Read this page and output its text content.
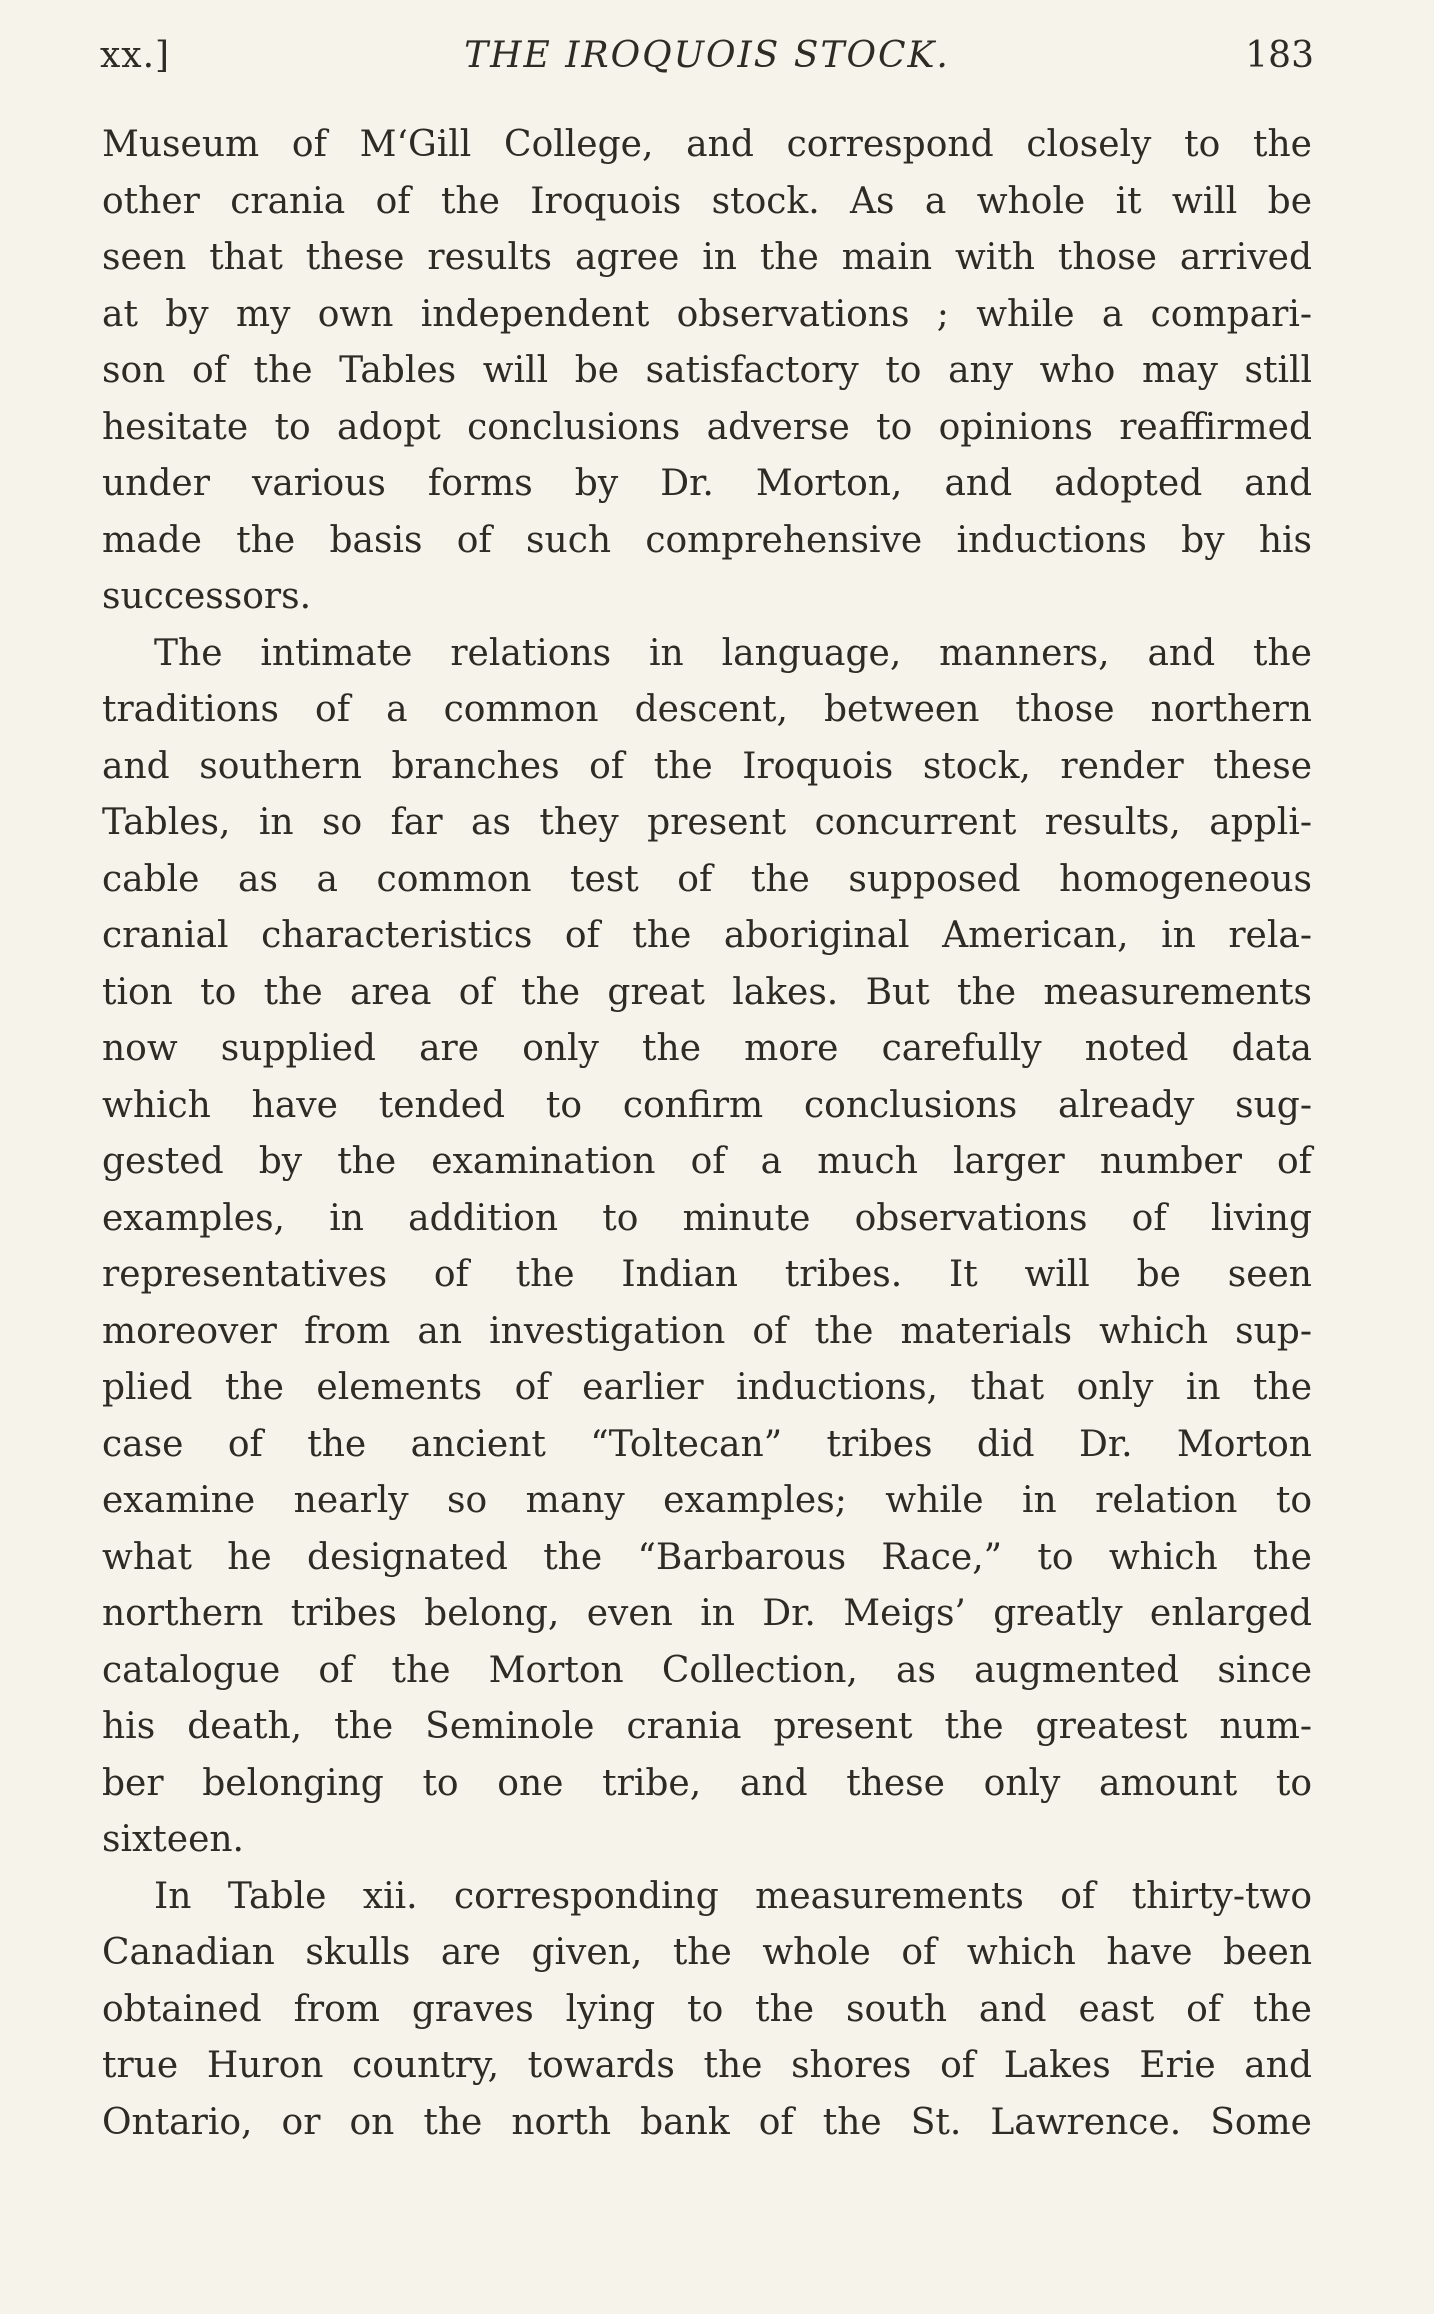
xx.]	THE IROQUOIS STOCK.	183
Museum of M‘Gill College, and correspond closely to the
other crania of the Iroquois stock. As a whole it will be
seen that these results agree in the main with those arrived
at by my own independent observations ; while a compari-
son of the Tables will be satisfactory to any who may still
hesitate to adopt conclusions adverse to opinions reaffirmed
under various forms by Dr. Morton, and adopted and
made the basis of such comprehensive inductions by his
successors.
The intimate relations in language, manners, and the
traditions of a common descent, between those northern
and southern branches of the Iroquois stock, render these
Tables, in so far as they present concurrent results, appli-
cable as a common test of the supposed homogeneous
cranial characteristics of the aboriginal American, in rela-
tion to the area of the great lakes. But the measurements
now supplied are only the more carefully noted data
which have tended to confirm conclusions already sug-
gested by the examination of a much larger number of
examples, in addition to minute observations of living
representatives of the Indian tribes. It will be seen
moreover from an investigation of the materials which sup-
plied the elements of earlier inductions, that only in the
case of the ancient “Toltecan” tribes did Dr. Morton
examine nearly so many examples; while in relation to
what he designated the “Barbarous Race,” to which the
northern tribes belong, even in Dr. Meigs’ greatly enlarged
catalogue of the Morton Collection, as augmented since
his death, the Seminole crania present the greatest num-
ber belonging to one tribe, and these only amount to
sixteen.
In Table xii. corresponding measurements of thirty-two
Canadian skulls are given, the whole of which have been
obtained from graves lying to the south and east of the
true Huron country, towards the shores of Lakes Erie and
Ontario, or on the north bank of the St. Lawrence. Some
